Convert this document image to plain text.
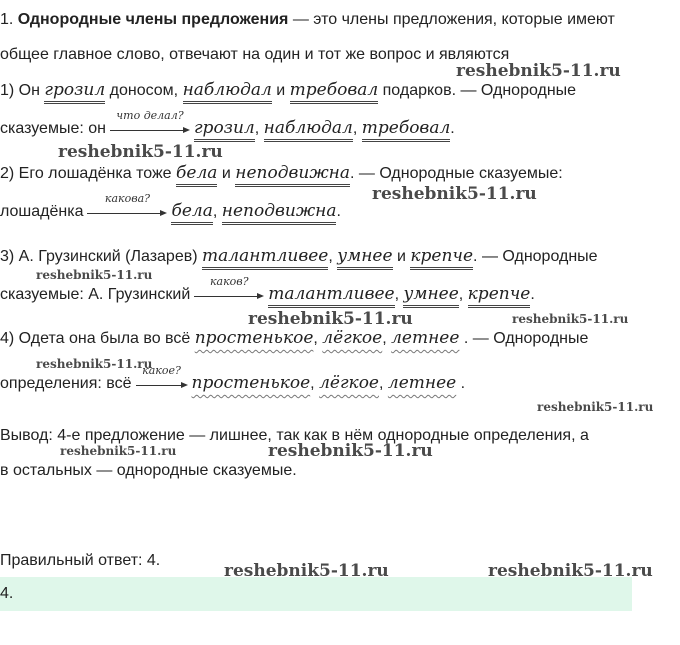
1. Однородные члены предложения — это члены предложения, которые имеют
общее главное слово, отвечают на один и тот же вопрос и являются
1) Он грозил доносом, наблюдал и требовал подарков. — Однородные
сказуемые: он
что делал?
грозил, наблюдал, требовал.
2) Его лошадёнка тоже бела и неподвижна. — Однородные сказуемые:
лошадёнка
какова?
бела, неподвижна.
3) А. Грузинский (Лазарев) талантливее, умнее и крепче. — Однородные
сказуемые: А. Грузинский
каков?
талантливее, умнее, крепче.
4) Одета она была во всё простенькое, лёгкое, летнее . — Однородные
определения: всё
какое?
простенькое, лёгкое, летнее .
Вывод: 4-е предложение — лишнее, так как в нём однородные определения, а
в остальных — однородные сказуемые.
Правильный ответ: 4.
4.
reshebnik5-11.ru
reshebnik5-11.ru
reshebnik5-11.ru
reshebnik5-11.ru
reshebnik5-11.ru	reshebnik5-11.ru
reshebnik5-11.ru
reshebnik5-11.ru
reshebnik5-11.ru	reshebnik5-11.ru
reshebnik5-11.ru	reshebnik5-11.ru
